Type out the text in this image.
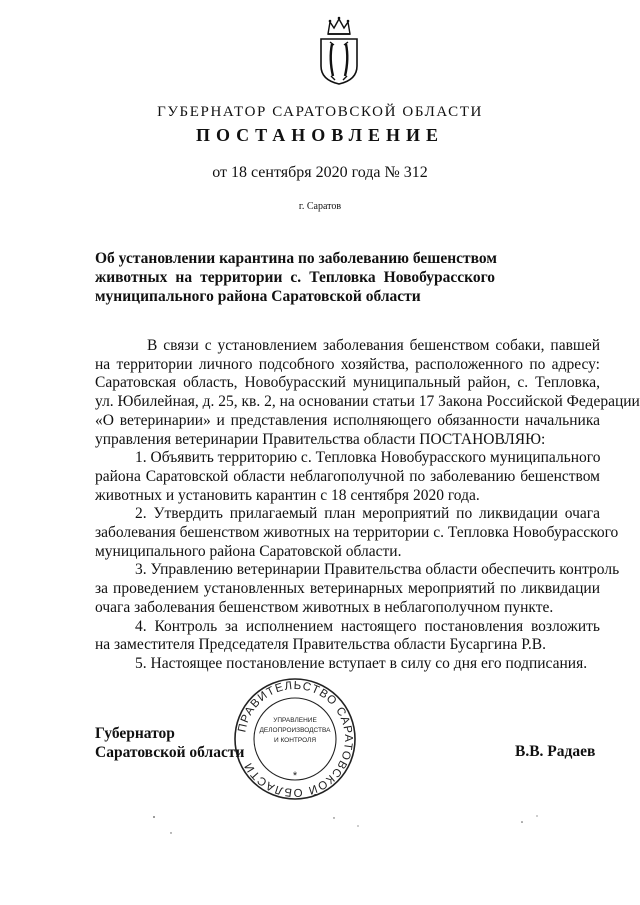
ГУБЕРНАТОР САРАТОВСКОЙ ОБЛАСТИ
ПОСТАНОВЛЕНИЕ
от 18 сентября 2020 года № 312
г. Саратов
Об установлении карантина по заболеванию бешенством
животных на территории с. Тепловка Новобурасского
муниципального района Саратовской области
В связи с установлением заболевания бешенством собаки, павшей
на территории личного подсобного хозяйства, расположенного по адресу:
Саратовская область, Новобурасский муниципальный район, с. Тепловка,
ул. Юбилейная, д. 25, кв. 2, на основании статьи 17 Закона Российской Федерации
«О ветеринарии» и представления исполняющего обязанности начальника
управления ветеринарии Правительства области ПОСТАНОВЛЯЮ:
1. Объявить территорию с. Тепловка Новобурасского муниципального
района Саратовской области неблагополучной по заболеванию бешенством
животных и установить карантин с 18 сентября 2020 года.
2. Утвердить прилагаемый план мероприятий по ликвидации очага
заболевания бешенством животных на территории с. Тепловка Новобурасского
муниципального района Саратовской области.
3. Управлению ветеринарии Правительства области обеспечить контроль
за проведением установленных ветеринарных мероприятий по ликвидации
очага заболевания бешенством животных в неблагополучном пункте.
4. Контроль за исполнением настоящего постановления возложить
на заместителя Председателя Правительства области Бусаргина Р.В.
5. Настоящее постановление вступает в силу со дня его подписания.
ПРАВИТЕЛЬСТВО САРАТОВСКОЙ ОБЛАСТИ
*
УПРАВЛЕНИЕ
ДЕЛОПРОИЗВОДСТВА
И КОНТРОЛЯ
Губернатор
Саратовской области	В.В. Радаев
